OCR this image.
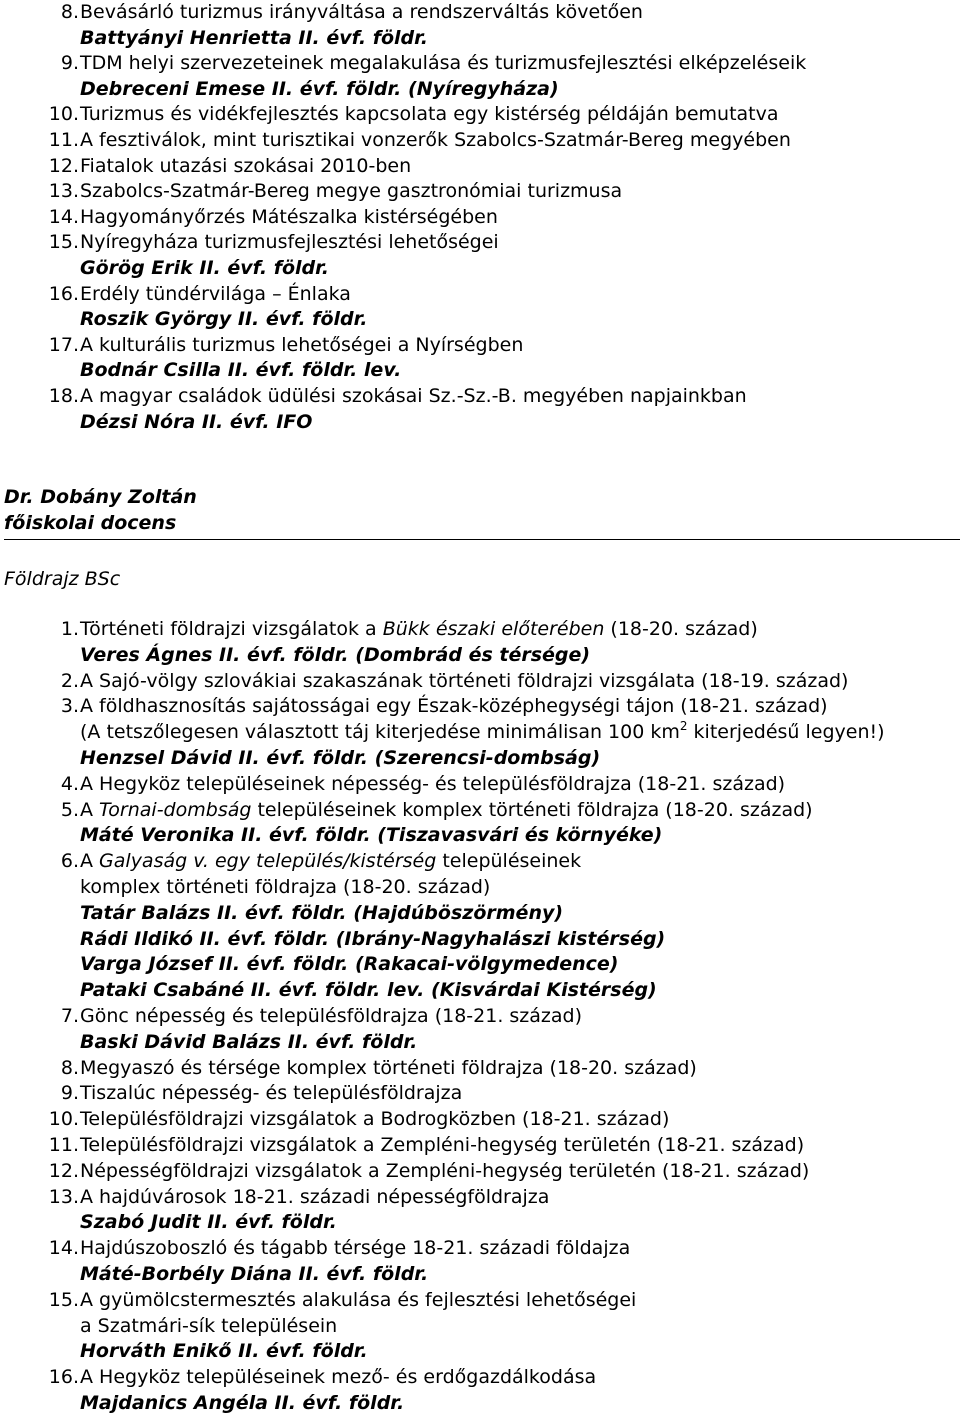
8. Bevásárló turizmus irányváltása a rendszerváltás követően
Battyányi Henrietta II. évf. földr.
9. TDM helyi szervezeteinek megalakulása és turizmusfejlesztési elképzeléseik
Debreceni Emese II. évf. földr. (Nyíregyháza)
10. Turizmus és vidékfejlesztés kapcsolata egy kistérség példáján bemutatva
11. A fesztiválok, mint turisztikai vonzerők Szabolcs-Szatmár-Bereg megyében
12. Fiatalok utazási szokásai 2010-ben
13. Szabolcs-Szatmár-Bereg megye gasztronómiai turizmusa
14. Hagyományőrzés Mátészalka kistérségében
15. Nyíregyháza turizmusfejlesztési lehetőségei
Görög Erik II. évf. földr.
16. Erdély tündérvilága – Énlaka
Roszik György II. évf. földr.
17. A kulturális turizmus lehetőségei a Nyírségben
Bodnár Csilla II. évf. földr. lev.
18. A magyar családok üdülési szokásai Sz.-Sz.-B. megyében napjainkban
Dézsi Nóra II. évf. IFO
Dr. Dobány Zoltán
főiskolai docens
Földrajz BSc
1. Történeti földrajzi vizsgálatok a Bükk északi előterében (18-20. század)
Veres Ágnes II. évf. földr. (Dombrád és térsége)
2. A Sajó-völgy szlovákiai szakaszának történeti földrajzi vizsgálata (18-19. század)
3. A földhasznosítás sajátosságai egy Észak-középhegységi tájon (18-21. század)
(A tetszőlegesen választott táj kiterjedése minimálisan 100 $km^2$ kiterjedésű legyen!)
Henzsel Dávid II. évf. földr. (Szerencsi-dombság)
4. A Hegyköz településeinek népesség- és településföldrajza (18-21. század)
5. A Tornai-dombság településeinek komplex történeti földrajza (18-20. század)
Máté Veronika II. évf. földr. (Tiszavasvári és környéke)
6. A Galyaság v. egy település/kistérség településeinek
komplex történeti földrajza (18-20. század)
Tatár Balázs II. évf. földr. (Hajdúböszörmény)
Rádi Ildikó II. évf. földr. (Ibrány-Nagyhalászi kistérség)
Varga József II. évf. földr. (Rakacai-völgymedence)
Pataki Csabáné II. évf. földr. lev. (Kisvárdai Kistérség)
7. Gönc népesség és településföldrajza (18-21. század)
Baski Dávid Balázs II. évf. földr.
8. Megyaszó és térsége komplex történeti földrajza (18-20. század)
9. Tiszalúc népesség- és településföldrajza
10. Településföldrajzi vizsgálatok a Bodrogközben (18-21. század)
11. Településföldrajzi vizsgálatok a Zempléni-hegység területén (18-21. század)
12. Népességföldrajzi vizsgálatok a Zempléni-hegység területén (18-21. század)
13. A hajdúvárosok 18-21. századi népességföldrajza
Szabó Judit II. évf. földr.
14. Hajdúszoboszló és tágabb térsége 18-21. századi földajza
Máté-Borbély Diána II. évf. földr.
15. A gyümölcstermesztés alakulása és fejlesztési lehetőségei
a Szatmári-sík településein
Horváth Enikő II. évf. földr.
16. A Hegyköz településeinek mező- és erdőgazdálkodása
Majdanics Angéla II. évf. földr.
